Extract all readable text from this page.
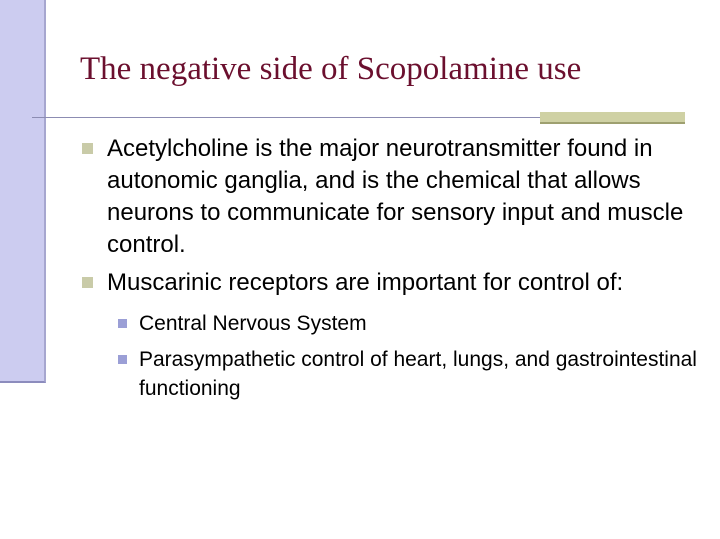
The negative side of Scopolamine use
Acetylcholine is the major neurotransmitter found in autonomic ganglia, and is the chemical that allows neurons to communicate for sensory input and muscle control.
Muscarinic receptors are important for control of:
Central Nervous System
Parasympathetic control of heart, lungs, and gastrointestinal functioning
